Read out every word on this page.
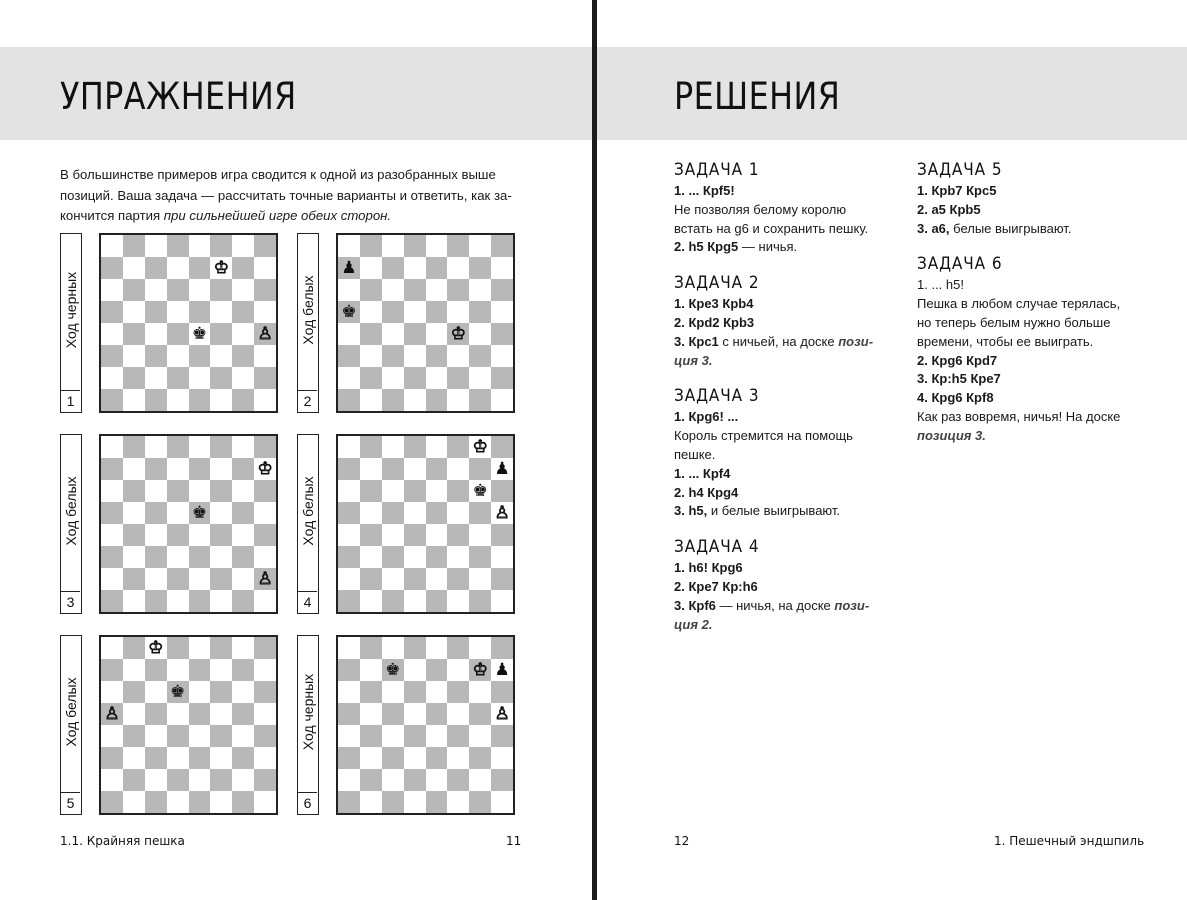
УПРАЖНЕНИЯ

В большинстве примеров игра сводится к одной из разобранных выше

позиций. Ваша задача — рассчитать точные варианты и ответить, как за-

кончится партия при сильнейшей игре обеих сторон.

Ход черных
1
♔
♚	♙ Ход белых
2
♟
♚
♔
Ход белых
3
♔
♚
♙
Ход белых
4
♔
♟
♚
♙
Ход белых
5
♔
♚
♙	Ход черных
6
♚	♔ ♟
♙
1.1. Крайняя пешка	11
РЕШЕНИЯ
ЗАДАЧА 1
1. ... Крf5!
Не позволяя белому королю
встать на g6 и сохранить пешку.
2. h5 Крg5 — ничья.
ЗАДАЧА 2
1. Крe3 Крb4
2. Крd2 Крb3
3. Крc1 с ничьей, на доске пози-
ция 3.
ЗАДАЧА 3
1. Крg6! ...
Король стремится на помощь
пешке.
1. ... Крf4
2. h4 Крg4
3. h5, и белые выигрывают.
ЗАДАЧА 4
1. h6! Крg6
2. Крe7 Кр:h6
3. Крf6 — ничья, на доске пози-
ция 2.
ЗАДАЧА 5
1. Крb7 Крc5
2. a5 Крb5
3. a6, белые выигрывают.
ЗАДАЧА 6
1. ... h5!
Пешка в любом случае терялась,
но теперь белым нужно больше
времени, чтобы ее выиграть.
2. Крg6 Крd7
3. Кр:h5 Крe7
4. Крg6 Крf8
Как раз вовремя, ничья! На доске
позиция 3.
12	1. Пешечный эндшпиль
